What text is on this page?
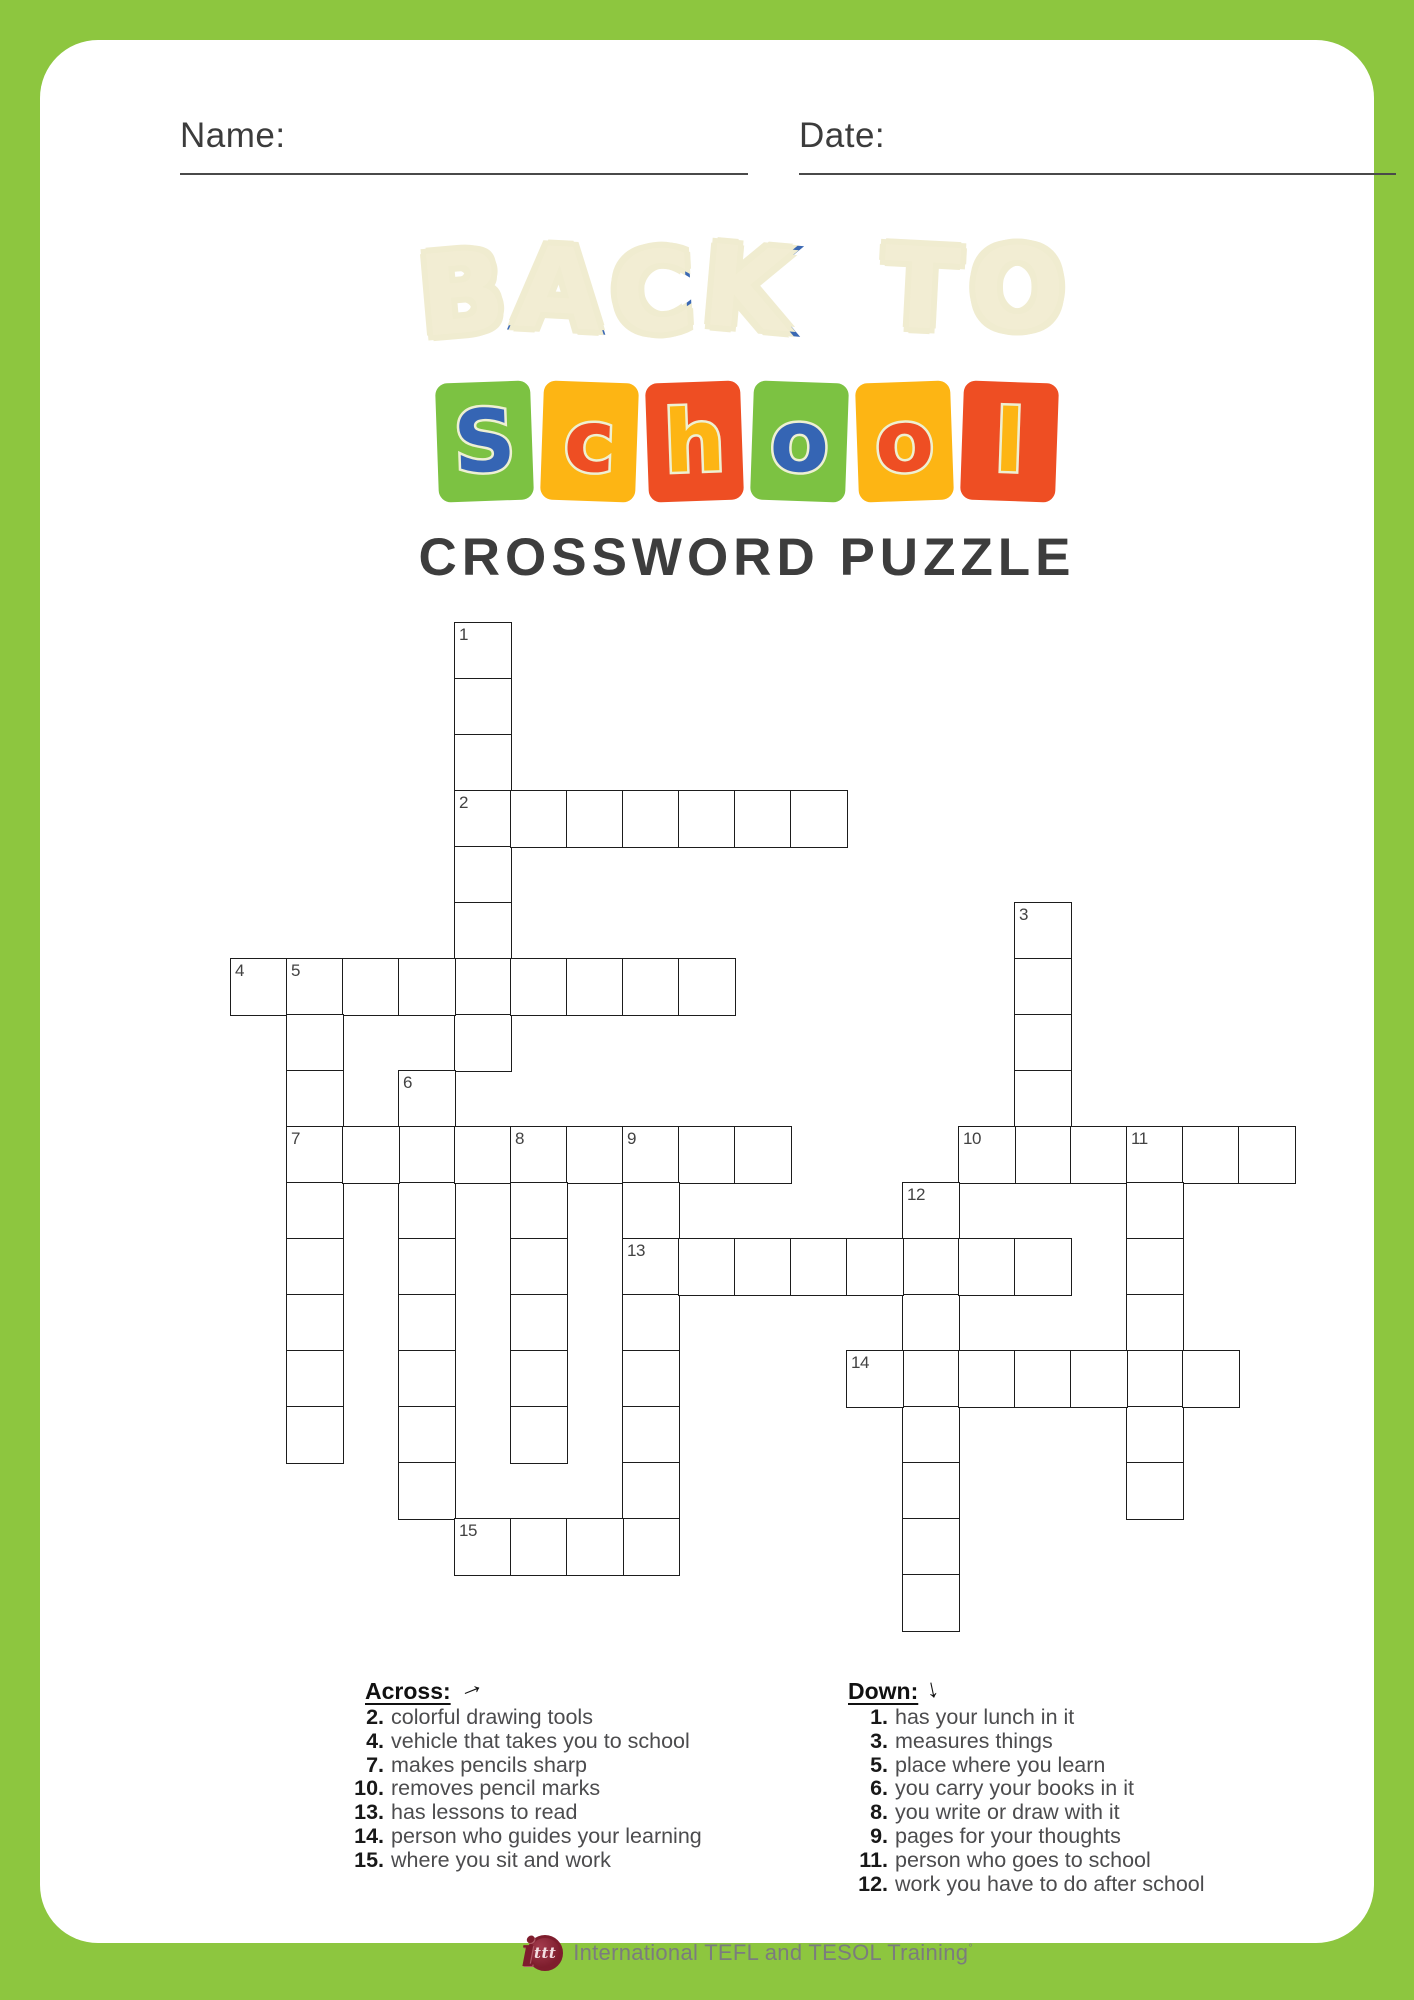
Name:	Date:
BACK TO
S c h o o l
CROSSWORD PUZZLE
1
2
3
4	5
7
6
8	9
13
10	11
12
14
15
Across:→
2. colorful drawing tools
4. vehicle that takes you to school
7. makes pencils sharp
10. removes pencil marks
13. has lessons to read
14. person who guides your learning
15. where you sit and work
Down: ↓
1. has your lunch in it
3. measures things
5. place where you learn
6. you carry your books in it
8. you write or draw with it
9. pages for your thoughts
11. person who goes to school
12. work you have to do after school
i
ttt International TEFL and TESOL Training°
